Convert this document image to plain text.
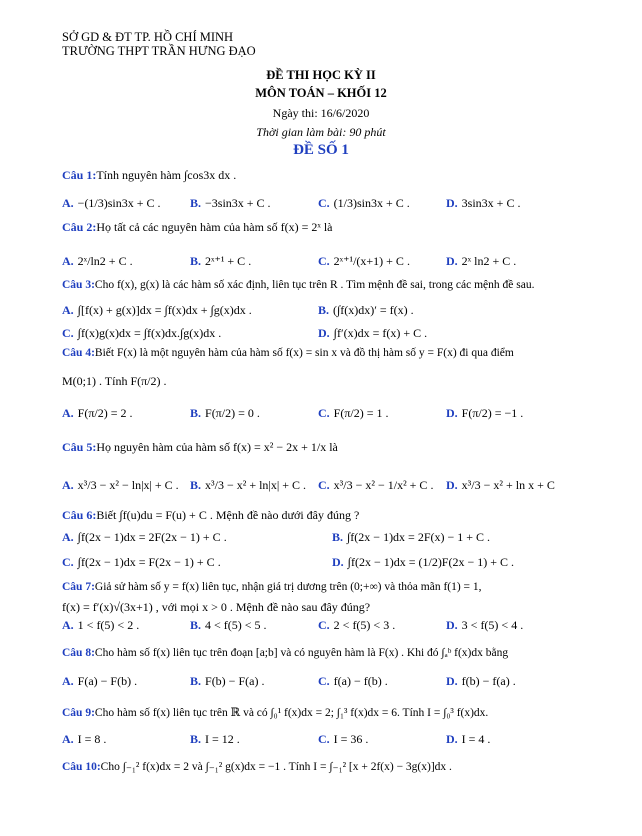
SỞ GD & ĐT TP. HỒ CHÍ MINH
TRƯỜNG THPT TRẦN HƯNG ĐẠO
ĐỀ THI HỌC KỲ II
MÔN TOÁN – KHỐI 12
Ngày thi: 16/6/2020
Thời gian làm bài: 90 phút
ĐỀ SỐ 1
Câu 1:Tính nguyên hàm ∫cos3x dx .
A. −(1/3)sin3x + C . B. −3sin3x + C .	C. (1/3)sin3x + C .	D. 3sin3x + C .
Câu 2:Họ tất cả các nguyên hàm của hàm số f(x) = 2ˣ là
A. 2ˣ/ln2 + C .	B. 2ˣ⁺¹ + C .	C. 2ˣ⁺¹/(x+1) + C .	D. 2ˣ ln2 + C .
Câu 3:Cho f(x), g(x) là các hàm số xác định, liên tục trên R . Tìm mệnh đề sai, trong các mệnh đề sau.
A. ∫[f(x) + g(x)]dx = ∫f(x)dx + ∫g(x)dx .	B. (∫f(x)dx)′ = f(x) .
C. ∫f(x)g(x)dx = ∫f(x)dx.∫g(x)dx .	D. ∫f′(x)dx = f(x) + C .
Câu 4:Biết F(x) là một nguyên hàm của hàm số f(x) = sin x và đồ thị hàm số y = F(x) đi qua điểm
M(0;1) . Tính F(π/2) .
A. F(π/2) = 2 .	B. F(π/2) = 0 .	C. F(π/2) = 1 .	D. F(π/2) = −1 .
Câu 5:Họ nguyên hàm của hàm số f(x) = x² − 2x + 1/x là
A. x³/3 − x² − ln|x| + C . B. x³/3 − x² + ln|x| + C . C. x³/3 − x² − 1/x² + C . D. x³/3 − x² + ln x + C
Câu 6:Biết ∫f(u)du = F(u) + C . Mệnh đề nào dưới đây đúng ?
A. ∫f(2x − 1)dx = 2F(2x − 1) + C .	B. ∫f(2x − 1)dx = 2F(x) − 1 + C .
C. ∫f(2x − 1)dx = F(2x − 1) + C .	D. ∫f(2x − 1)dx = (1/2)F(2x − 1) + C .
Câu 7:Giả sử hàm số y = f(x) liên tục, nhận giá trị dương trên (0;+∞) và thỏa mãn f(1) = 1,
f(x) = f′(x)√(3x+1) , với mọi x > 0 . Mệnh đề nào sau đây đúng?
A. 1 < f(5) < 2 .	B. 4 < f(5) < 5 .	C. 2 < f(5) < 3 .	D. 3 < f(5) < 4 .
Câu 8:Cho hàm số f(x) liên tục trên đoạn [a;b] và có nguyên hàm là F(x) . Khi đó ∫ₐᵇ f(x)dx bằng
A. F(a) − F(b) .	B. F(b) − F(a) .	C. f(a) − f(b) .	D. f(b) − f(a) .
Câu 9:Cho hàm số f(x) liên tục trên ℝ và có ∫₀¹ f(x)dx = 2; ∫₁³ f(x)dx = 6. Tính I = ∫₀³ f(x)dx.
A. I = 8 .	B. I = 12 .	C. I = 36 .	D. I = 4 .
Câu 10:Cho ∫₋₁² f(x)dx = 2 và ∫₋₁² g(x)dx = −1 . Tính I = ∫₋₁² [x + 2f(x) − 3g(x)]dx .
